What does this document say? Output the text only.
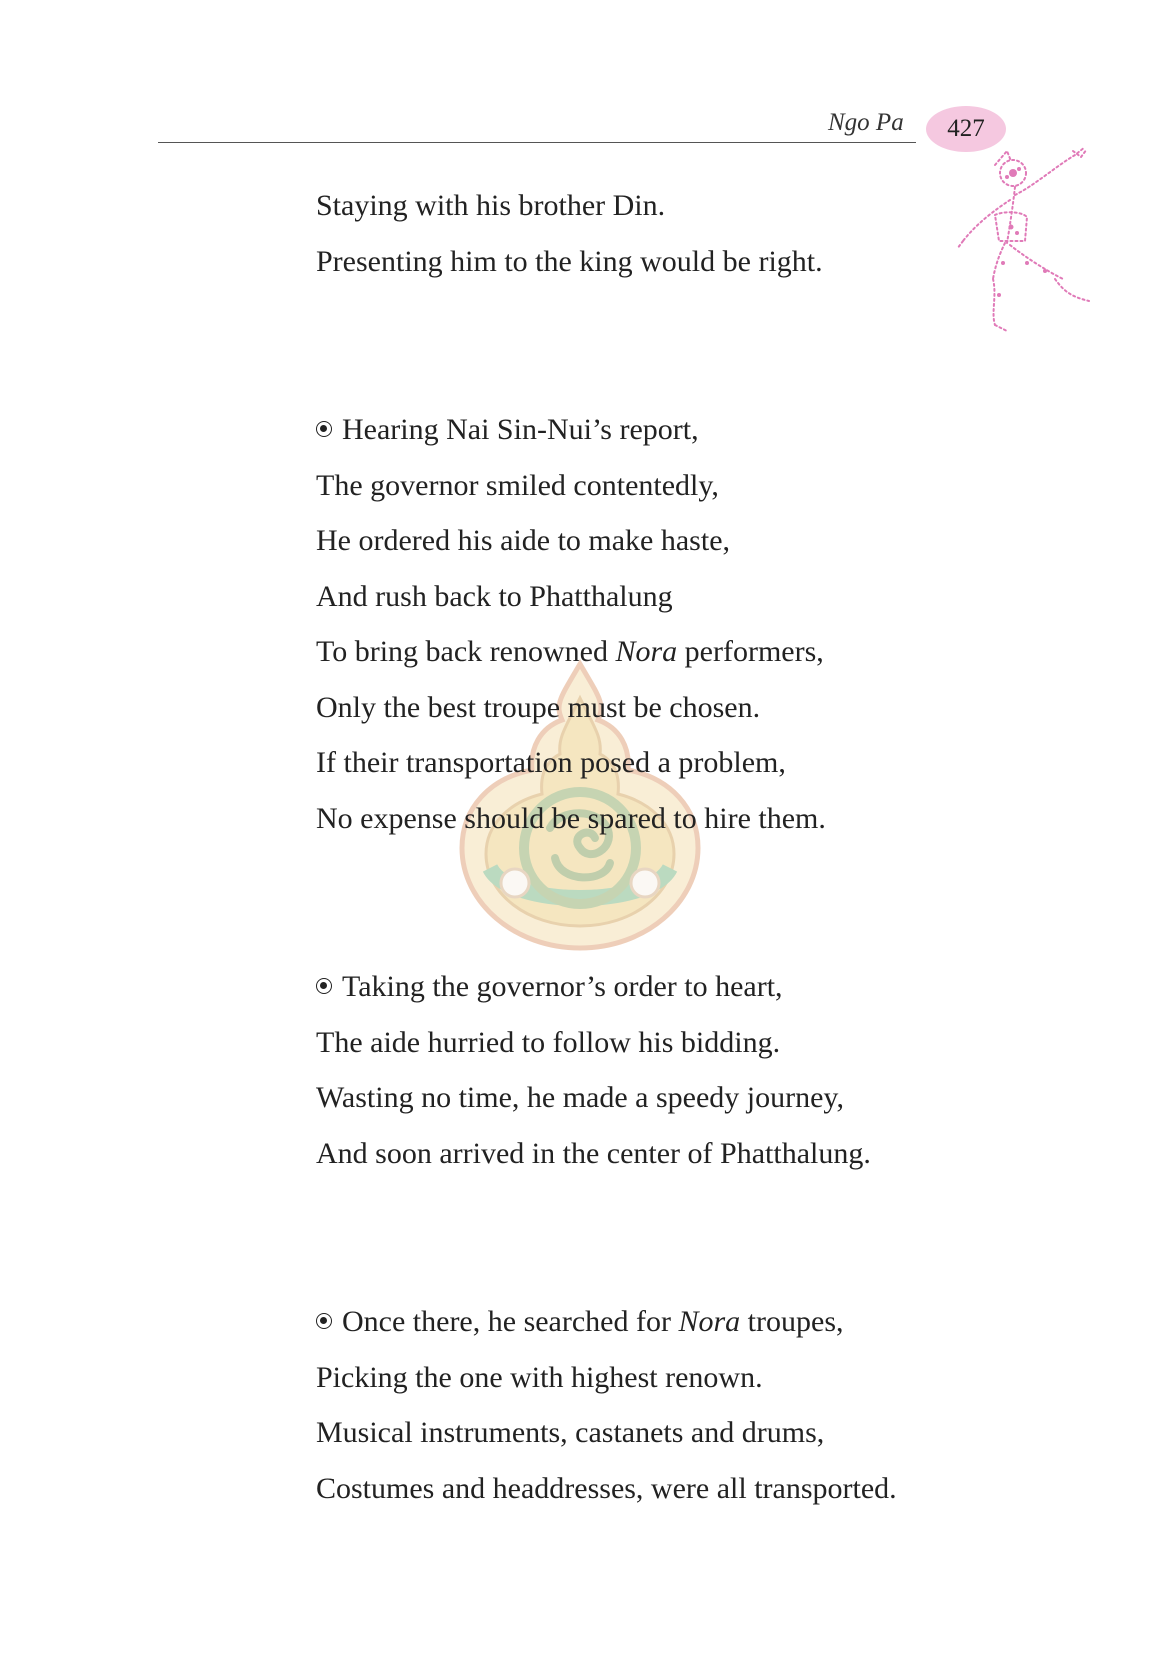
Ngo Pa 427
Staying with his brother Din.
Presenting him to the king would be right.
Hearing Nai Sin-Nui’s report,
The governor smiled contentedly,
He ordered his aide to make haste,
And rush back to Phatthalung
To bring back renowned Nora performers,
Only the best troupe must be chosen.
If their transportation posed a problem,
No expense should be spared to hire them.
Taking the governor’s order to heart,
The aide hurried to follow his bidding.
Wasting no time, he made a speedy journey,
And soon arrived in the center of Phatthalung.
Once there, he searched for Nora troupes,
Picking the one with highest renown.
Musical instruments, castanets and drums,
Costumes and headdresses, were all transported.
